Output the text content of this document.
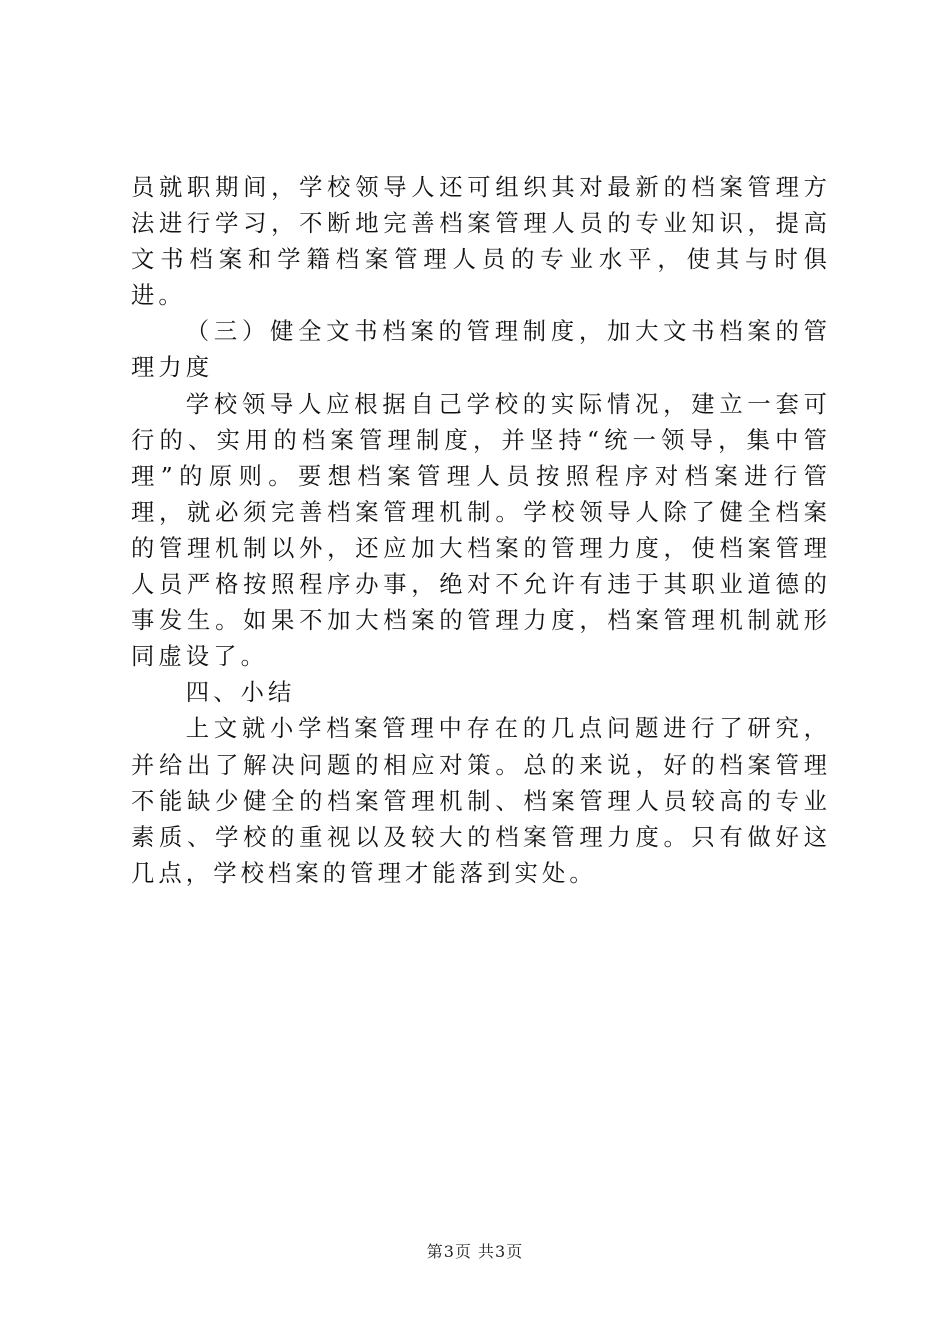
员就职期间，学校领导人还可组织其对最新的档案管理方法进行学习，不断地完善档案管理人员的专业知识，提高文书档案和学籍档案管理人员的专业水平，使其与时俱进。

（三）健全文书档案的管理制度，加大文书档案的管理力度

学校领导人应根据自己学校的实际情况，建立一套可行的、实用的档案管理制度，并坚持“统一领导，集中管理”的原则。要想档案管理人员按照程序对档案进行管理，就必须完善档案管理机制。学校领导人除了健全档案的管理机制以外，还应加大档案的管理力度，使档案管理人员严格按照程序办事，绝对不允许有违于其职业道德的事发生。如果不加大档案的管理力度，档案管理机制就形同虚设了。

四、小结

上文就小学档案管理中存在的几点问题进行了研究，并给出了解决问题的相应对策。总的来说，好的档案管理不能缺少健全的档案管理机制、档案管理人员较高的专业素质、学校的重视以及较大的档案管理力度。只有做好这几点，学校档案的管理才能落到实处。

第3页 共3页
